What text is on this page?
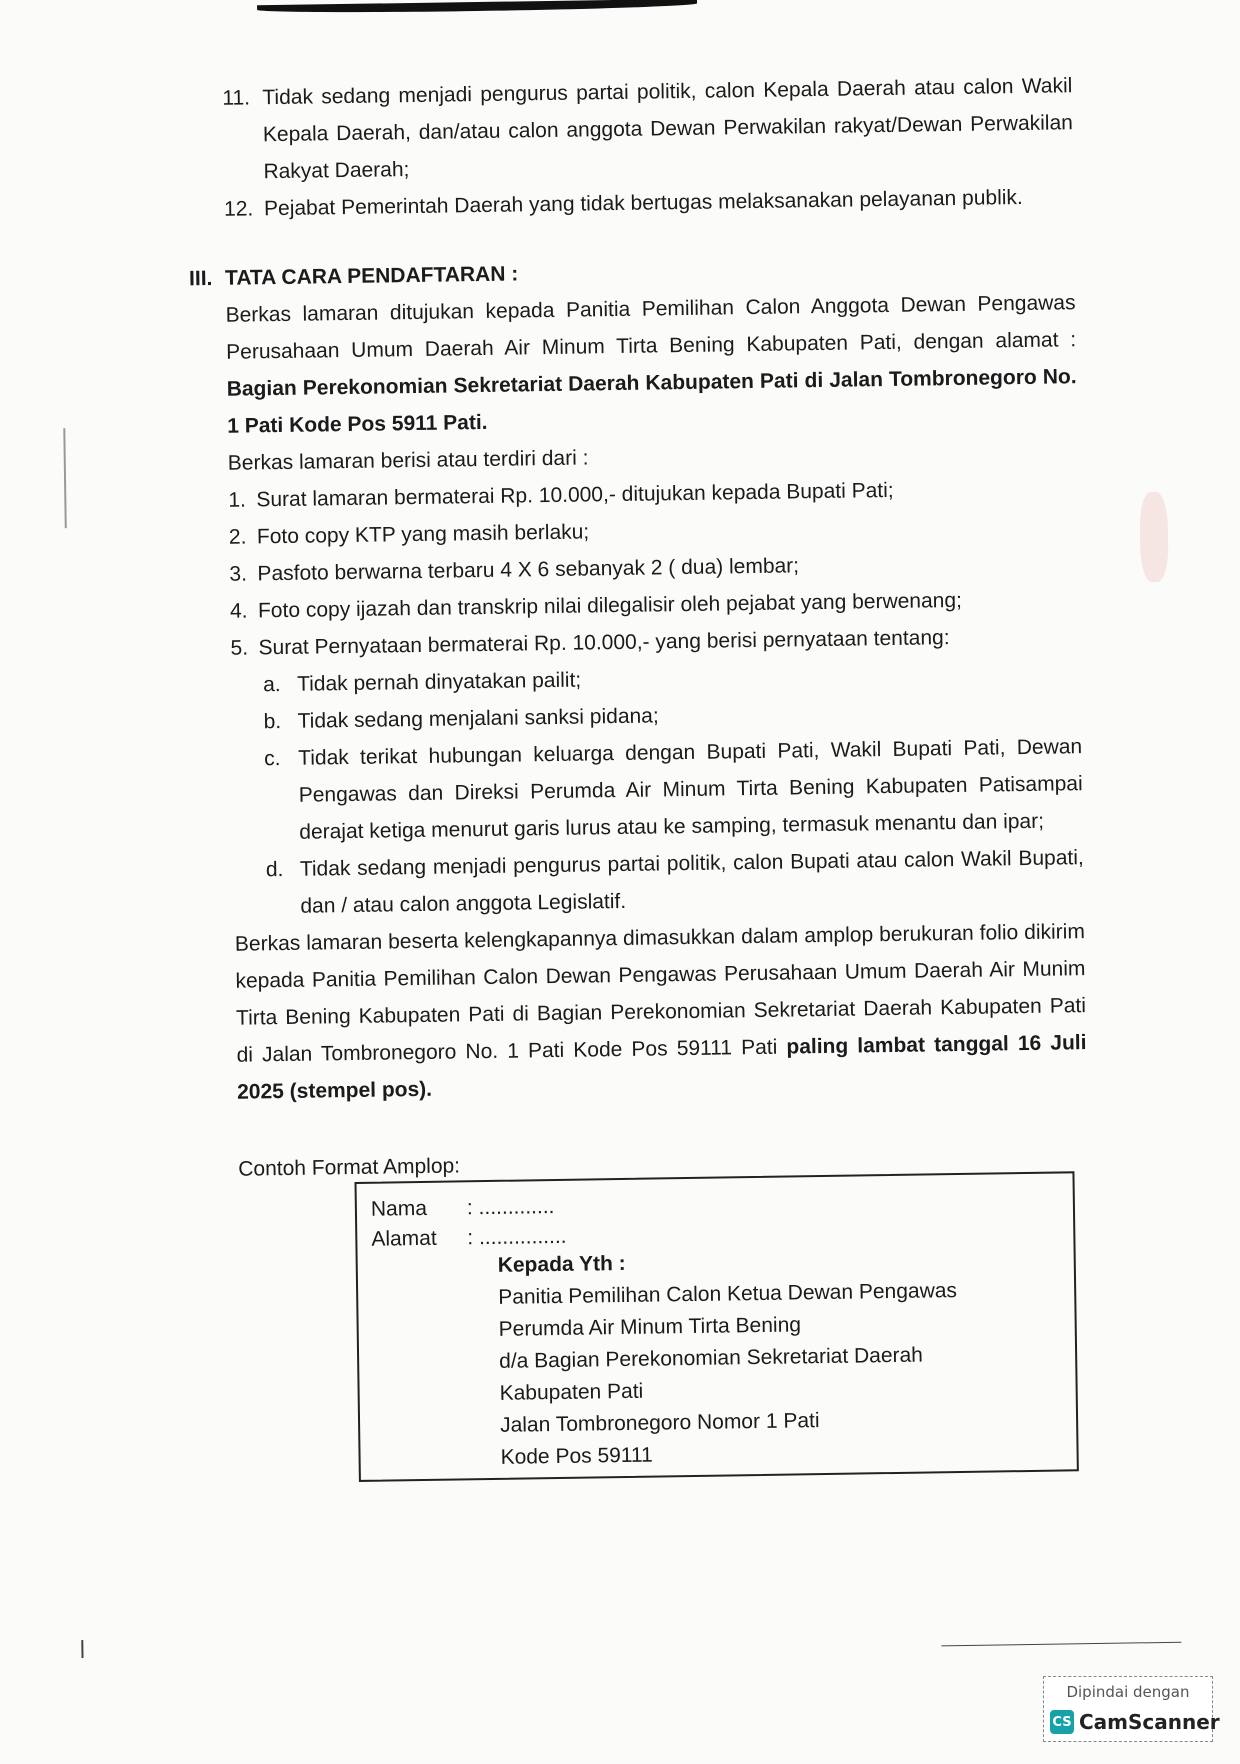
11. Tidak sedang menjadi pengurus partai politik, calon Kepala Daerah atau calon Wakil Kepala Daerah, dan/atau calon anggota Dewan Perwakilan rakyat/Dewan Perwakilan Rakyat Daerah;
12. Pejabat Pemerintah Daerah yang tidak bertugas melaksanakan pelayanan publik.
III. TATA CARA PENDAFTARAN :
Berkas lamaran ditujukan kepada Panitia Pemilihan Calon Anggota Dewan Pengawas Perusahaan Umum Daerah Air Minum Tirta Bening Kabupaten Pati, dengan alamat : Bagian Perekonomian Sekretariat Daerah Kabupaten Pati di Jalan Tombronegoro No. 1 Pati Kode Pos 5911 Pati.
Berkas lamaran berisi atau terdiri dari :
1. Surat lamaran bermaterai Rp. 10.000,- ditujukan kepada Bupati Pati;
2. Foto copy KTP yang masih berlaku;
3. Pasfoto berwarna terbaru 4 X 6 sebanyak 2 ( dua) lembar;
4. Foto copy ijazah dan transkrip nilai dilegalisir oleh pejabat yang berwenang;
5. Surat Pernyataan bermaterai Rp. 10.000,- yang berisi pernyataan tentang:
a. Tidak pernah dinyatakan pailit;
b. Tidak sedang menjalani sanksi pidana;
c. Tidak terikat hubungan keluarga dengan Bupati Pati, Wakil Bupati Pati, Dewan Pengawas dan Direksi Perumda Air Minum Tirta Bening Kabupaten Patisampai derajat ketiga menurut garis lurus atau ke samping, termasuk menantu dan ipar;
d. Tidak sedang menjadi pengurus partai politik, calon Bupati atau calon Wakil Bupati, dan / atau calon anggota Legislatif.
Berkas lamaran beserta kelengkapannya dimasukkan dalam amplop berukuran folio dikirim kepada Panitia Pemilihan Calon Dewan Pengawas Perusahaan Umum Daerah Air Munim Tirta Bening Kabupaten Pati di Bagian Perekonomian Sekretariat Daerah Kabupaten Pati di Jalan Tombronegoro No. 1 Pati Kode Pos 59111 Pati paling lambat tanggal 16 Juli 2025 (stempel pos).
Contoh Format Amplop:
Nama : .............
Alamat : ...............
Kepada Yth :
Panitia Pemilihan Calon Ketua Dewan Pengawas
Perumda Air Minum Tirta Bening
d/a Bagian Perekonomian Sekretariat Daerah
Kabupaten Pati
Jalan Tombronegoro Nomor 1 Pati
Kode Pos 59111
Dipindai dengan
CS CamScanner
